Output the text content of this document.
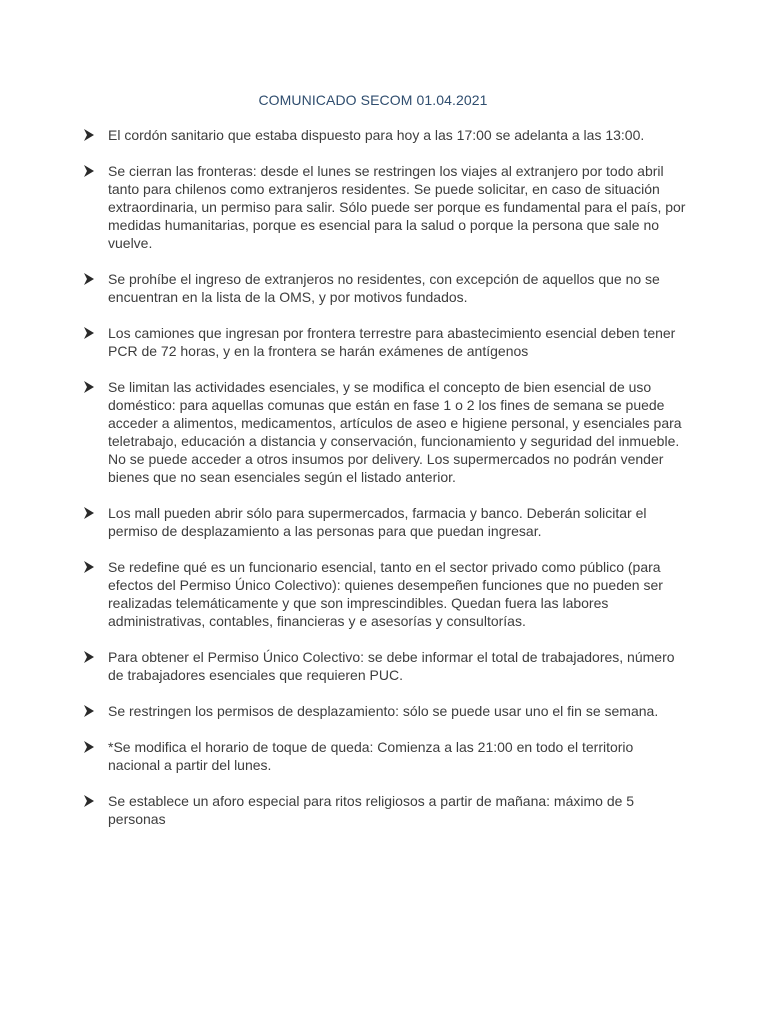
COMUNICADO SECOM 01.04.2021
El cordón sanitario que estaba dispuesto para hoy a las 17:00 se adelanta a las 13:00.
Se cierran las fronteras: desde el lunes se restringen los viajes al extranjero por todo abril tanto para chilenos como extranjeros residentes. Se puede solicitar, en caso de situación extraordinaria, un permiso para salir. Sólo puede ser porque es fundamental para el país, por medidas humanitarias, porque es esencial para la salud o porque la persona que sale no vuelve.
Se prohíbe el ingreso de extranjeros no residentes, con excepción de aquellos que no se encuentran en la lista de la OMS, y por motivos fundados.
Los camiones que ingresan por frontera terrestre para abastecimiento esencial deben tener PCR de 72 horas, y en la frontera se harán exámenes de antígenos
Se limitan las actividades esenciales, y se modifica el concepto de bien esencial de uso doméstico: para aquellas comunas que están en fase 1 o 2 los fines de semana se puede acceder a alimentos, medicamentos, artículos de aseo e higiene personal, y esenciales para teletrabajo, educación a distancia y conservación, funcionamiento y seguridad del inmueble. No se puede acceder a otros insumos por delivery. Los supermercados no podrán vender bienes que no sean esenciales según el listado anterior.
Los mall pueden abrir sólo para supermercados, farmacia y banco. Deberán solicitar el permiso de desplazamiento a las personas para que puedan ingresar.
Se redefine qué es un funcionario esencial, tanto en el sector privado como público (para efectos del Permiso Único Colectivo): quienes desempeñen funciones que no pueden ser realizadas telemáticamente y que son imprescindibles. Quedan fuera las labores administrativas, contables, financieras y e asesorías y consultorías.
Para obtener el Permiso Único Colectivo: se debe informar el total de trabajadores, número de trabajadores esenciales que requieren PUC.
Se restringen los permisos de desplazamiento: sólo se puede usar uno el fin se semana.
*Se modifica el horario de toque de queda: Comienza a las 21:00 en todo el territorio nacional a partir del lunes.
Se establece un aforo especial para ritos religiosos a partir de mañana: máximo de 5 personas
